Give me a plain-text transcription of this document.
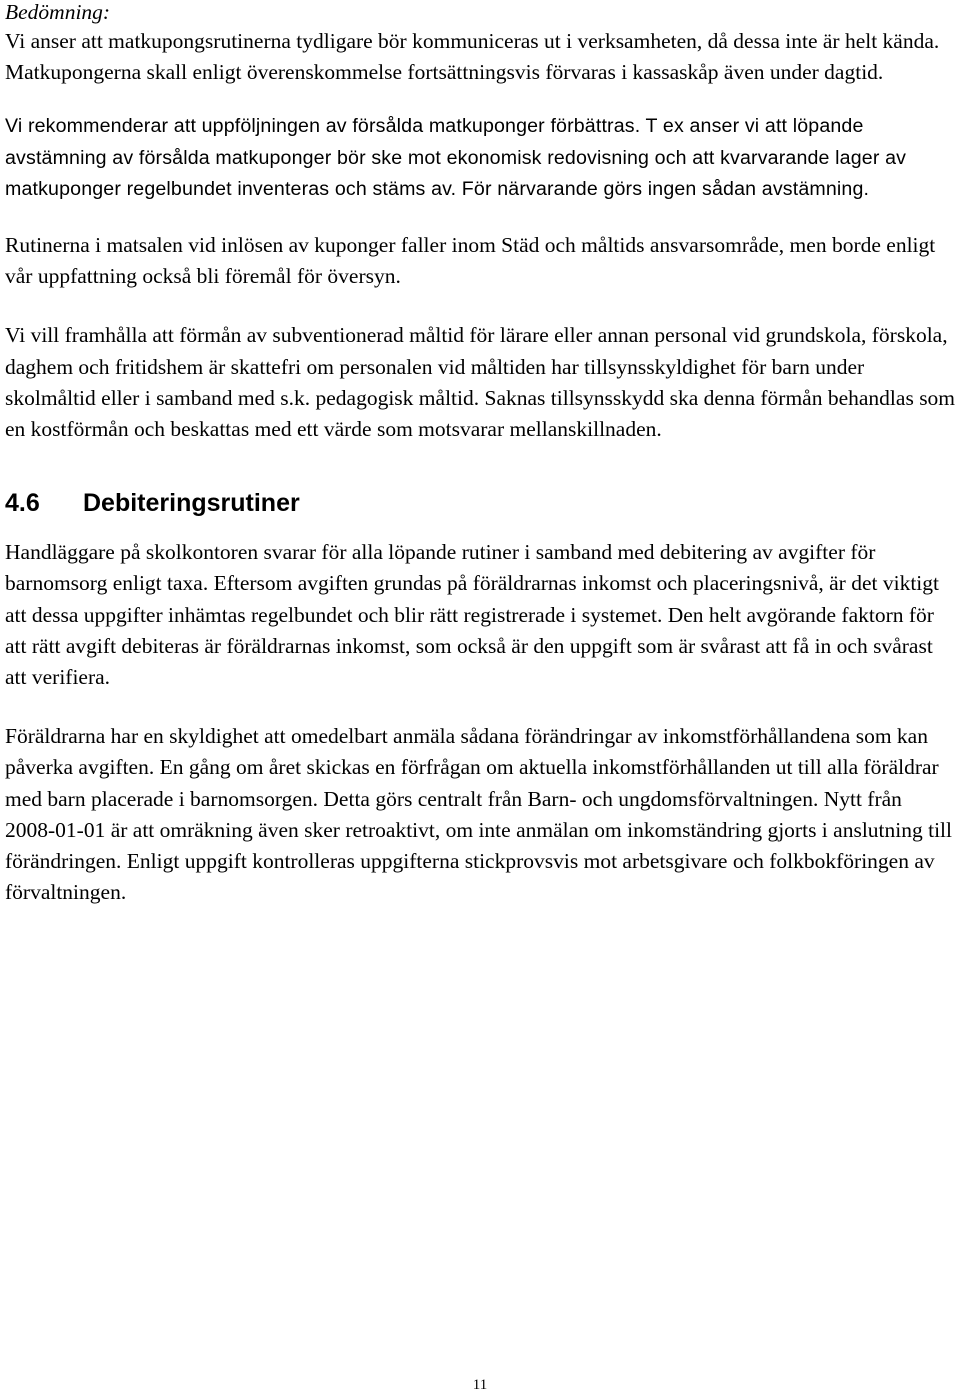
Bedömning:

Vi anser att matkupongsrutinerna tydligare bör kommuniceras ut i verksamheten, då dessa inte är helt kända. Matkupongerna skall enligt överenskommelse fortsättningsvis förvaras i kassaskåp även under dagtid.

Vi rekommenderar att uppföljningen av försålda matkuponger förbättras. T ex anser vi att löpande avstämning av försålda matkuponger bör ske mot ekonomisk redovisning och att kvarvarande lager av matkuponger regelbundet inventeras och stäms av. För närvarande görs ingen sådan avstämning.

Rutinerna i matsalen vid inlösen av kuponger faller inom Städ och måltids ansvarsområde, men borde enligt vår uppfattning också bli föremål för översyn.

Vi vill framhålla att förmån av subventionerad måltid för lärare eller annan personal vid grundskola, förskola, daghem och fritidshem är skattefri om personalen vid måltiden har tillsynsskyldighet för barn under skolmåltid eller i samband med s.k. pedagogisk måltid. Saknas tillsynsskydd ska denna förmån behandlas som en kostförmån och beskattas med ett värde som motsvarar mellanskillnaden.

4.6	Debiteringsrutiner

Handläggare på skolkontoren svarar för alla löpande rutiner i samband med debitering av avgifter för barnomsorg enligt taxa. Eftersom avgiften grundas på föräldrarnas inkomst och placeringsnivå, är det viktigt att dessa uppgifter inhämtas regelbundet och blir rätt registrerade i systemet. Den helt avgörande faktorn för att rätt avgift debiteras är föräldrarnas inkomst, som också är den uppgift som är svårast att få in och svårast att verifiera.

Föräldrarna har en skyldighet att omedelbart anmäla sådana förändringar av inkomstförhållandena som kan påverka avgiften. En gång om året skickas en förfrågan om aktuella inkomstförhållanden ut till alla föräldrar med barn placerade i barnomsorgen. Detta görs centralt från Barn- och ungdomsförvaltningen. Nytt från 2008-01-01 är att omräkning även sker retroaktivt, om inte anmälan om inkomständring gjorts i anslutning till förändringen. Enligt uppgift kontrolleras uppgifterna stickprovsvis mot arbetsgivare och folkbokföringen av förvaltningen.

11
